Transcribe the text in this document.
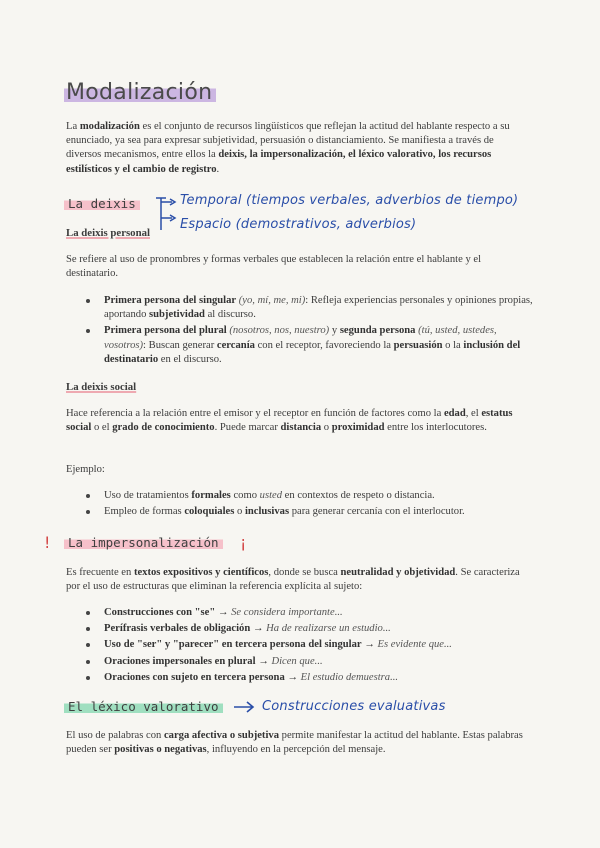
Modalización

La modalización es el conjunto de recursos lingüísticos que reflejan la actitud del hablante respecto a su enunciado, ya sea para expresar subjetividad, persuasión o distanciamiento. Se manifiesta a través de diversos mecanismos, entre ellos la deixis, la impersonalización, el léxico valorativo, los recursos estilísticos y el cambio de registro.

La deixis	Temporal (tiempos verbales, adverbios de tiempo)
Espacio (demostrativos, adverbios)
La deixis personal

Se refiere al uso de pronombres y formas verbales que establecen la relación entre el hablante y el destinatario.

Primera persona del singular (yo, mí, me, mi): Refleja experiencias personales y opiniones propias, aportando subjetividad al discurso.
Primera persona del plural (nosotros, nos, nuestro) y segunda persona (tú, usted, ustedes, vosotros): Buscan generar cercanía con el receptor, favoreciendo la persuasión o la inclusión del destinatario en el discurso.
La deixis social

Hace referencia a la relación entre el emisor y el receptor en función de factores como la edad, el estatus social o el grado de conocimiento. Puede marcar distancia o proximidad entre los interlocutores.

Ejemplo:

Uso de tratamientos formales como usted en contextos de respeto o distancia.
Empleo de formas coloquiales o inclusivas para generar cercanía con el interlocutor.
!	La impersonalización ¡

Es frecuente en textos expositivos y científicos, donde se busca neutralidad y objetividad. Se caracteriza por el uso de estructuras que eliminan la referencia explícita al sujeto:

Construcciones con "se" → Se considera importante...
Perífrasis verbales de obligación → Ha de realizarse un estudio...
Uso de "ser" y "parecer" en tercera persona del singular → Es evidente que...
Oraciones impersonales en plural → Dicen que...
Oraciones con sujeto en tercera persona → El estudio demuestra...
El léxico valorativo	Construcciones evaluativas

El uso de palabras con carga afectiva o subjetiva permite manifestar la actitud del hablante. Estas palabras pueden ser positivas o negativas, influyendo en la percepción del mensaje.
